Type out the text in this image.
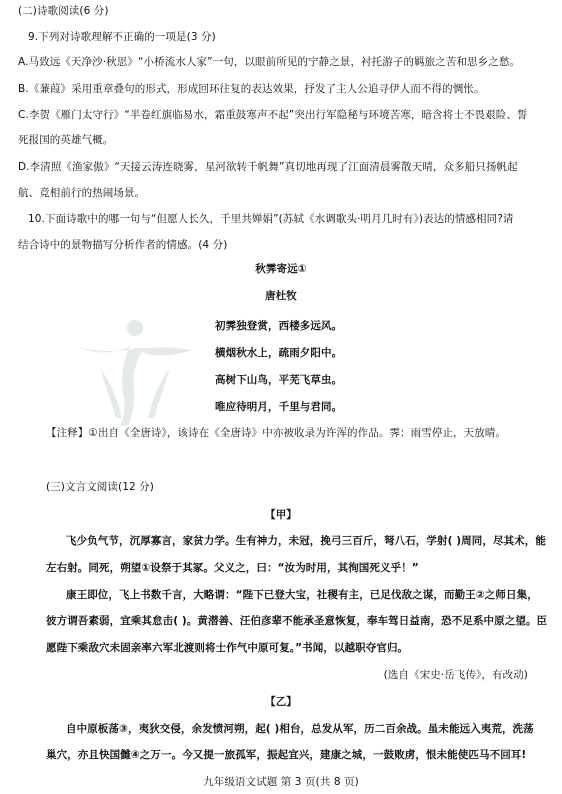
(二)诗歌阅读(6 分)
9.下列对诗歌理解不正确的一项是(3 分)
A.马致远《天净沙·秋思》“小桥流水人家”一句，以眼前所见的宁静之景，衬托游子的羁旅之苦和思乡之愁。
B.《蒹葭》采用重章叠句的形式，形成回环往复的表达效果，抒发了主人公追寻伊人而不得的惆怅。
C.李贺《雁门太守行》“半卷红旗临易水，霜重鼓寒声不起”突出行军隐秘与环境苦寒，暗含将士不畏艰险、誓
死报国的英雄气概。
D.李清照《渔家傲》“天接云涛连晓雾，星河欲转千帆舞”真切地再现了江面清晨雾散天晴，众多船只扬帆起
航、竞相前行的热闹场景。
10.下面诗歌中的哪一句与“但愿人长久，千里共婵娟”(苏轼《水调歌头·明月几时有》)表达的情感相同?请
结合诗中的景物描写分析作者的情感。(4 分)
秋霁寄远①
唐杜牧
初霁独登赏，西楼多远风。
横烟秋水上，疏雨夕阳中。
高树下山鸟，平芜飞草虫。
唯应待明月，千里与君同。
【注释】①出自《全唐诗》，该诗在《全唐诗》中亦被收录为许浑的作品。霁：雨雪停止，天放晴。
(三)文言文阅读(12 分)
【甲】
飞少负气节，沉厚寡言，家贫力学。生有神力，未冠，挽弓三百斤，弩八石，学射( )周同，尽其术，能
左右射。同死，朔望①设祭于其冢。父义之，曰：“汝为时用，其徇国死义乎！”
康王即位，飞上书数千言，大略谓：“陛下已登大宝，社稷有主，已足伐敌之谋，而勤王②之师日集，
彼方谓吾素弱，宜乘其怠击( )。黄潜善、汪伯彦辈不能承圣意恢复，奉车驾日益南，恐不足系中原之望。臣
愿陛下乘敌穴未固亲率六军北渡则将士作气中原可复。”书闻，以越职夺官归。
(选自《宋史·岳飞传》，有改动)
【乙】
自中原板荡③，夷狄交侵，余发愤河朔，起( )相台，总发从军，历二百余战。虽未能远入夷荒，洗荡
巢穴，亦且快国雠④之万一。今又提一旅孤军，振起宜兴，建康之城，一鼓败虏，恨未能使匹马不回耳!
九年级语文试题 第 3 页(共 8 页)
